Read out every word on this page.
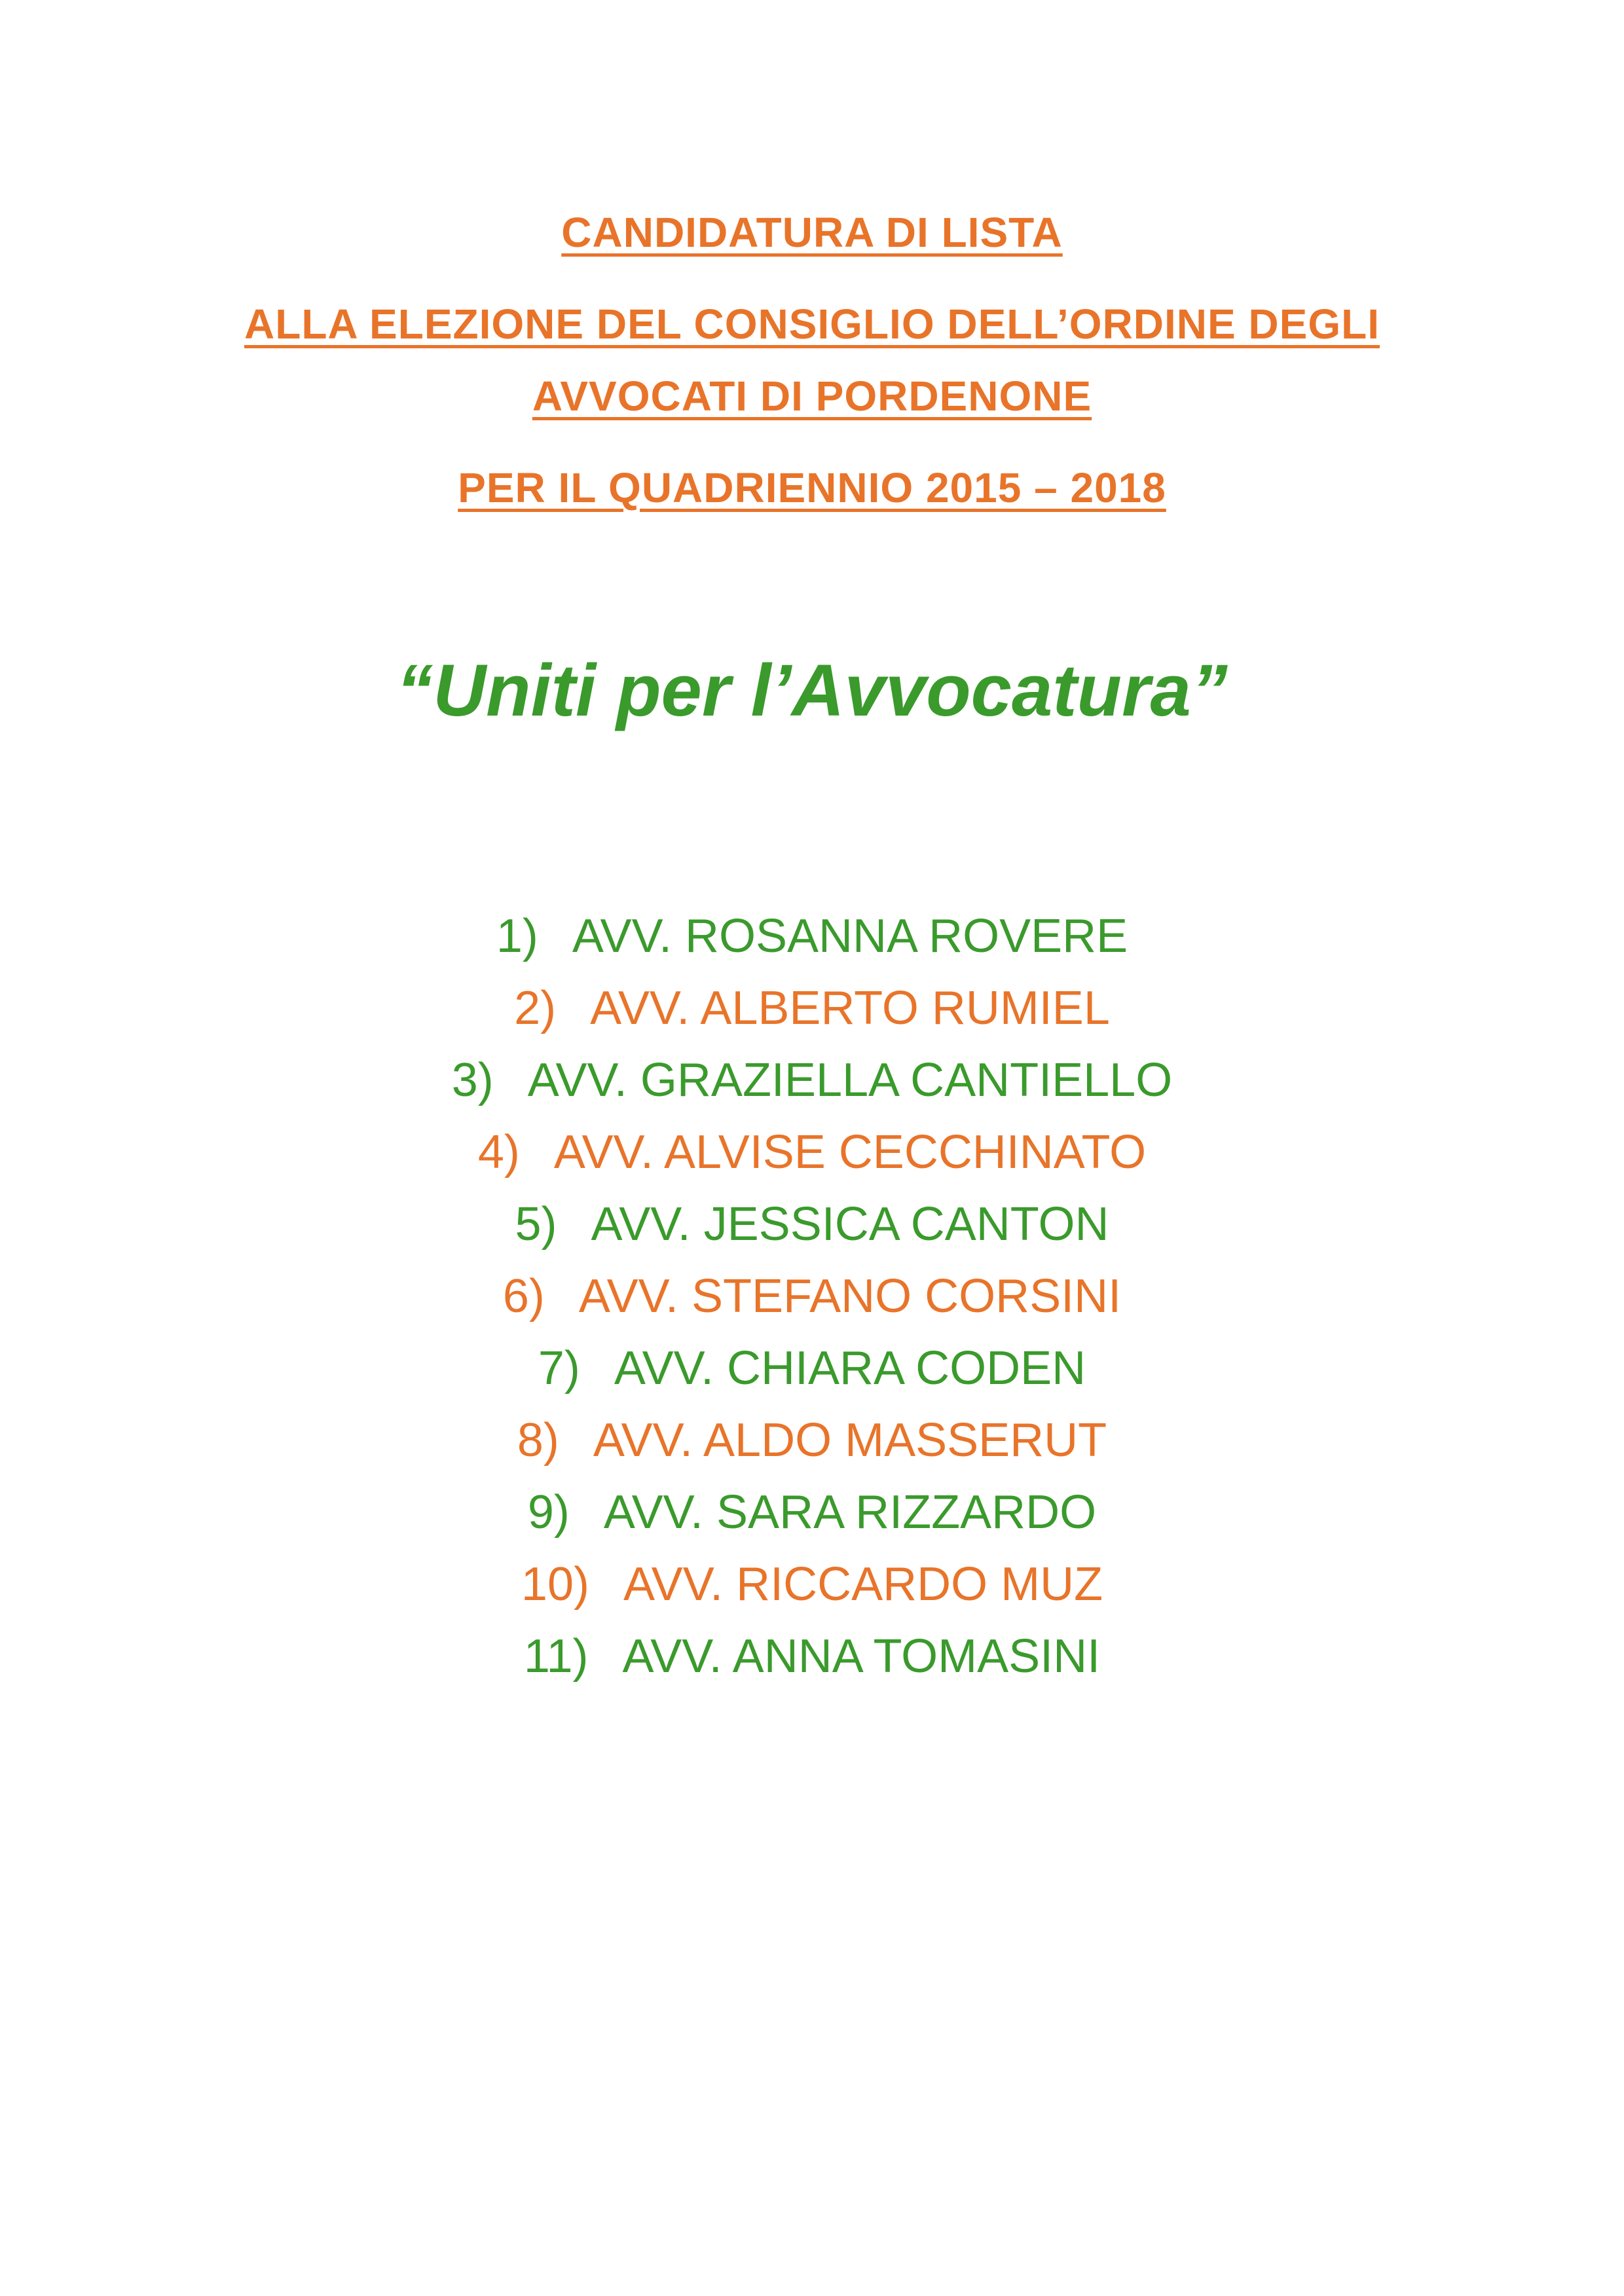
CANDIDATURA DI LISTA
ALLA ELEZIONE DEL CONSIGLIO DELL’ORDINE DEGLI
AVVOCATI DI PORDENONE
PER IL QUADRIENNIO 2015 – 2018
“Uniti per l’Avvocatura”
1) AVV. ROSANNA ROVERE
2) AVV. ALBERTO RUMIEL
3) AVV. GRAZIELLA CANTIELLO
4) AVV. ALVISE CECCHINATO
5) AVV. JESSICA CANTON
6) AVV. STEFANO CORSINI
7) AVV. CHIARA CODEN
8) AVV. ALDO MASSERUT
9) AVV. SARA RIZZARDO
10) AVV. RICCARDO MUZ
11) AVV. ANNA TOMASINI
